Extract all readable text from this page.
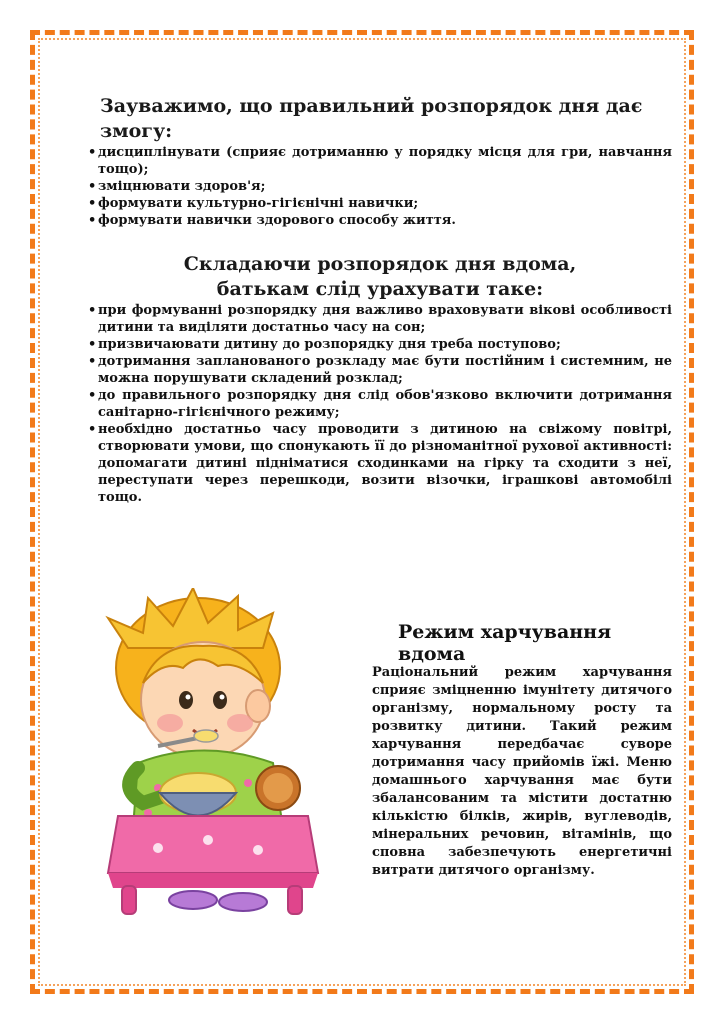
Зауважимо, що правильний розпорядок дня дає змогу:
• дисциплінувати (сприяє дотриманню у порядку місця для гри, навчання тощо);
• зміцнювати здоров'я;
• формувати культурно-гігієнічні навички;
• формувати навички здорового способу життя.
Складаючи розпорядок дня вдома,
батькам слід урахувати таке:
• при формуванні розпорядку дня важливо враховувати вікові особливості дитини та виділяти достатньо часу на сон;
• призвичаювати дитину до розпорядку дня треба поступово;
• дотримання запланованого розкладу має бути постійним і системним, не можна порушувати складений розклад;
• до правильного розпорядку дня слід обов'язково включити дотримання санітарно-гігієнічного режиму;
• необхідно достатньо часу проводити з дитиною на свіжому повітрі, створювати умови, що спонукають її до різноманітної рухової активності: допомагати дитині підніматися сходинками на гірку та сходити з неї, переступати через перешкоди, возити візочки, іграшкові автомобілі тощо.
Режим харчування вдома
Раціональний режим харчування сприяє зміцненню імунітету дитячого організму, нормальному росту та розвитку дитини. Такий режим харчування передбачає суворе дотримання часу прийомів їжі. Меню домашнього харчування має бути збалансованим та містити достатню кількістю білків, жирів, вуглеводів, мінеральних речовин, вітамінів, що сповна забезпечують енергетичні витрати дитячого організму.
